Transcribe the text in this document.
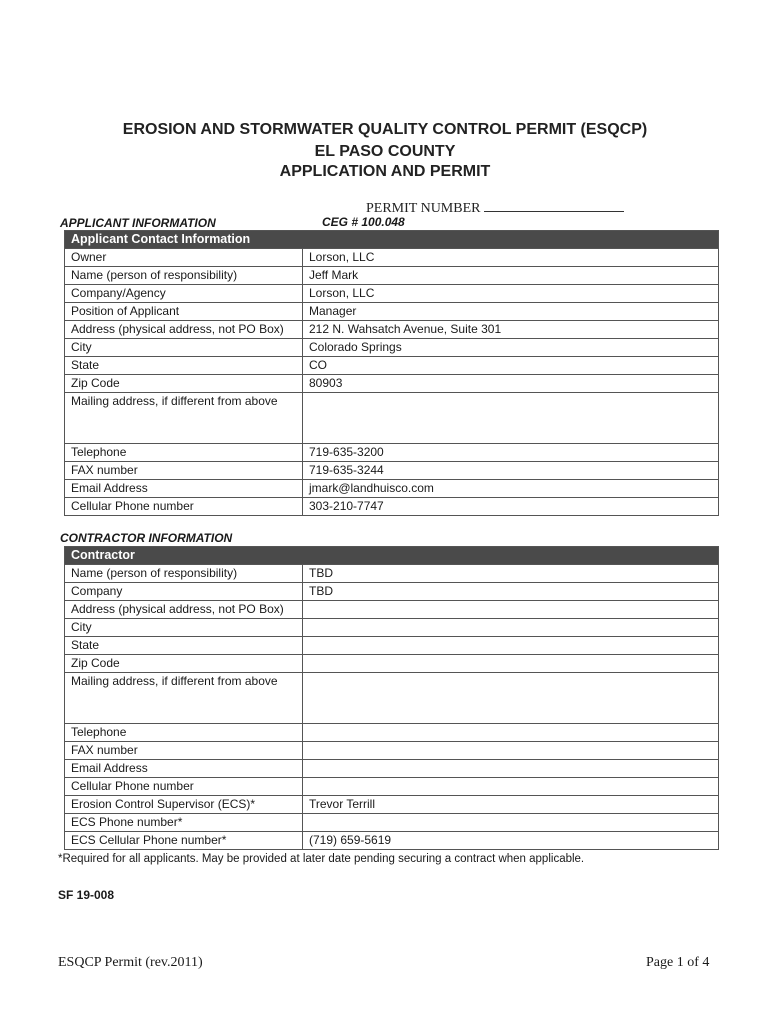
EROSION AND STORMWATER QUALITY CONTROL PERMIT (ESQCP)
EL PASO COUNTY
APPLICATION AND PERMIT
PERMIT NUMBER
CEG # 100.048
APPLICANT INFORMATION
Applicant Contact Information	
Owner	Lorson, LLC
Name (person of responsibility)	Jeff Mark
Company/Agency	Lorson, LLC
Position of Applicant	Manager
Address (physical address, not PO Box)	212 N. Wahsatch Avenue, Suite 301
City	Colorado Springs
State	CO
Zip Code	80903
Mailing address, if different from above	
Telephone	719-635-3200
FAX number	719-635-3244
Email Address	jmark@landhuisco.com
Cellular Phone number	303-210-7747
CONTRACTOR INFORMATION
Contractor	
Name (person of responsibility)	TBD
Company	TBD
Address (physical address, not PO Box)	
City	
State	
Zip Code	
Mailing address, if different from above	
Telephone	
FAX number	
Email Address	
Cellular Phone number	
Erosion Control Supervisor (ECS)*	Trevor Terrill
ECS Phone number*	
ECS Cellular Phone number*	(719) 659-5619
*Required for all applicants. May be provided at later date pending securing a contract when applicable.
SF 19-008
ESQCP Permit (rev.2011)	Page 1 of 4
